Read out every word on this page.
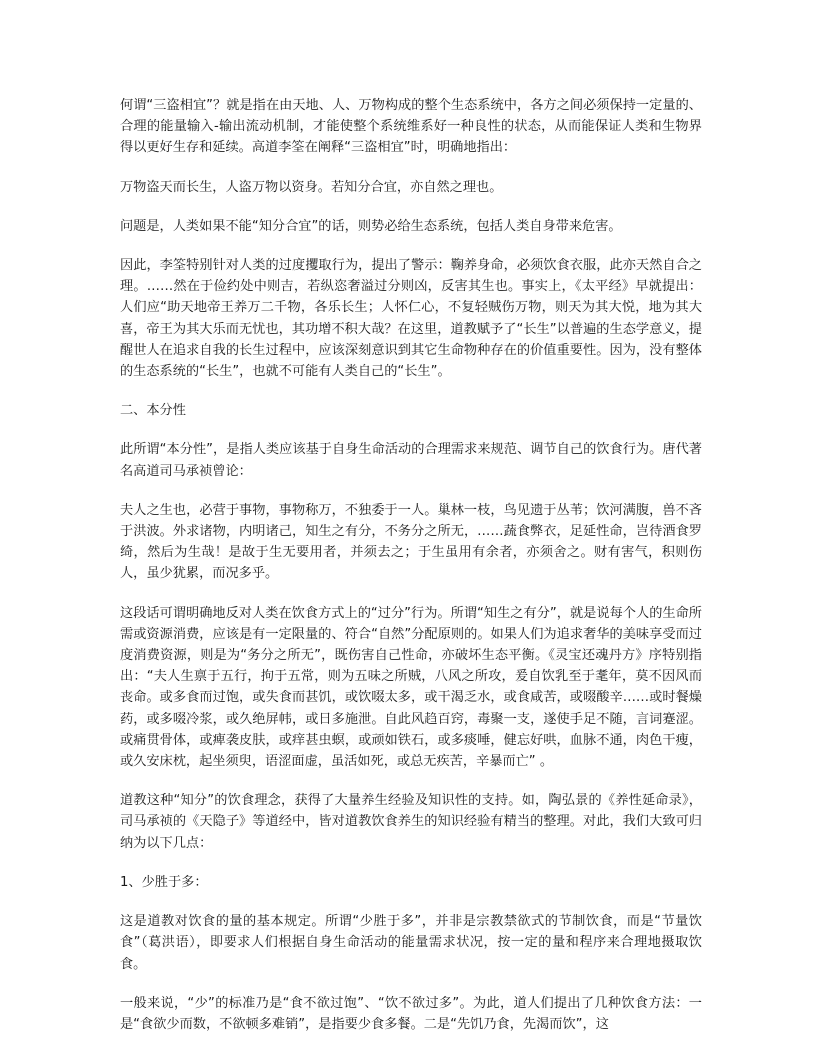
何谓“三盗相宜”？就是指在由天地、人、万物构成的整个生态系统中，各方之间必须保持一定量的、合理的能量输入-输出流动机制，才能使整个系统维系好一种良性的状态，从而能保证人类和生物界得以更好生存和延续。高道李筌在阐释“三盗相宜”时，明确地指出：

万物盗天而长生，人盗万物以资身。若知分合宜，亦自然之理也。

问题是，人类如果不能“知分合宜”的话，则势必给生态系统，包括人类自身带来危害。

因此，李筌特别针对人类的过度攫取行为，提出了警示：鞠养身命，必须饮食衣服，此亦天然自合之理。……然在于俭约处中则吉，若纵恣奢溢过分则凶，反害其生也。事实上，《太平经》早就提出：人们应“助天地帝王养万二千物，各乐长生；人怀仁心，不复轻贼伤万物，则天为其大悦，地为其大喜，帝王为其大乐而无忧也，其功增不积大哉？在这里，道教赋予了“长生”以普遍的生态学意义，提醒世人在追求自我的长生过程中，应该深刻意识到其它生命物种存在的价值重要性。因为，没有整体的生态系统的“长生”，也就不可能有人类自己的“长生”。

二、本分性

此所谓“本分性”，是指人类应该基于自身生命活动的合理需求来规范、调节自己的饮食行为。唐代著名高道司马承祯曾论：

夫人之生也，必营于事物，事物称万，不独委于一人。巢林一枝，鸟见遗于丛苇；饮河满腹，兽不吝于洪波。外求诸物，内明诸己，知生之有分，不务分之所无，……蔬食弊衣，足延性命，岂待酒食罗绮，然后为生哉！是故于生无要用者，并须去之；于生虽用有余者，亦须舍之。财有害气，积则伤人，虽少犹累，而况多乎。

这段话可谓明确地反对人类在饮食方式上的“过分”行为。所谓“知生之有分”，就是说每个人的生命所需或资源消费，应该是有一定限量的、符合“自然”分配原则的。如果人们为追求奢华的美味享受而过度消费资源，则是为“务分之所无”，既伤害自己性命，亦破坏生态平衡。《灵宝还魂丹方》序特别指出：“夫人生禀于五行，拘于五常，则为五味之所贼，八风之所攻，爰自饮乳至于耄年，莫不因风而丧命。或多食而过饱，或失食而甚饥，或饮啜太多，或干渴乏水，或食咸苦，或啜酸辛……或时餐燥药，或多啜冷浆，或久绝屏帏，或日多施泄。自此风趋百窍，毒聚一支，遂使手足不随，言词蹇涩。或痛贯骨体，或痺袭皮肤，或痒甚虫螟，或顽如铁石，或多痰唾，健忘好哄，血脉不通，肉色干瘦，或久安床枕，起坐须臾，语涩面虚，虽活如死，或总无疾苦，辛暴而亡” 。

道教这种“知分”的饮食理念，获得了大量养生经验及知识性的支持。如，陶弘景的《养性延命录》，司马承祯的《天隐子》等道经中，皆对道教饮食养生的知识经验有精当的整理。对此，我们大致可归纳为以下几点：

1、少胜于多：

这是道教对饮食的量的基本规定。所谓“少胜于多”，并非是宗教禁欲式的节制饮食，而是“节量饮食”（葛洪语），即要求人们根据自身生命活动的能量需求状况，按一定的量和程序来合理地摄取饮食。

一般来说，“少”的标准乃是“食不欲过饱”、“饮不欲过多”。为此，道人们提出了几种饮食方法：一是“食欲少而数，不欲顿多难销”，是指要少食多餐。二是“先饥乃食，先渴而饮”，这
